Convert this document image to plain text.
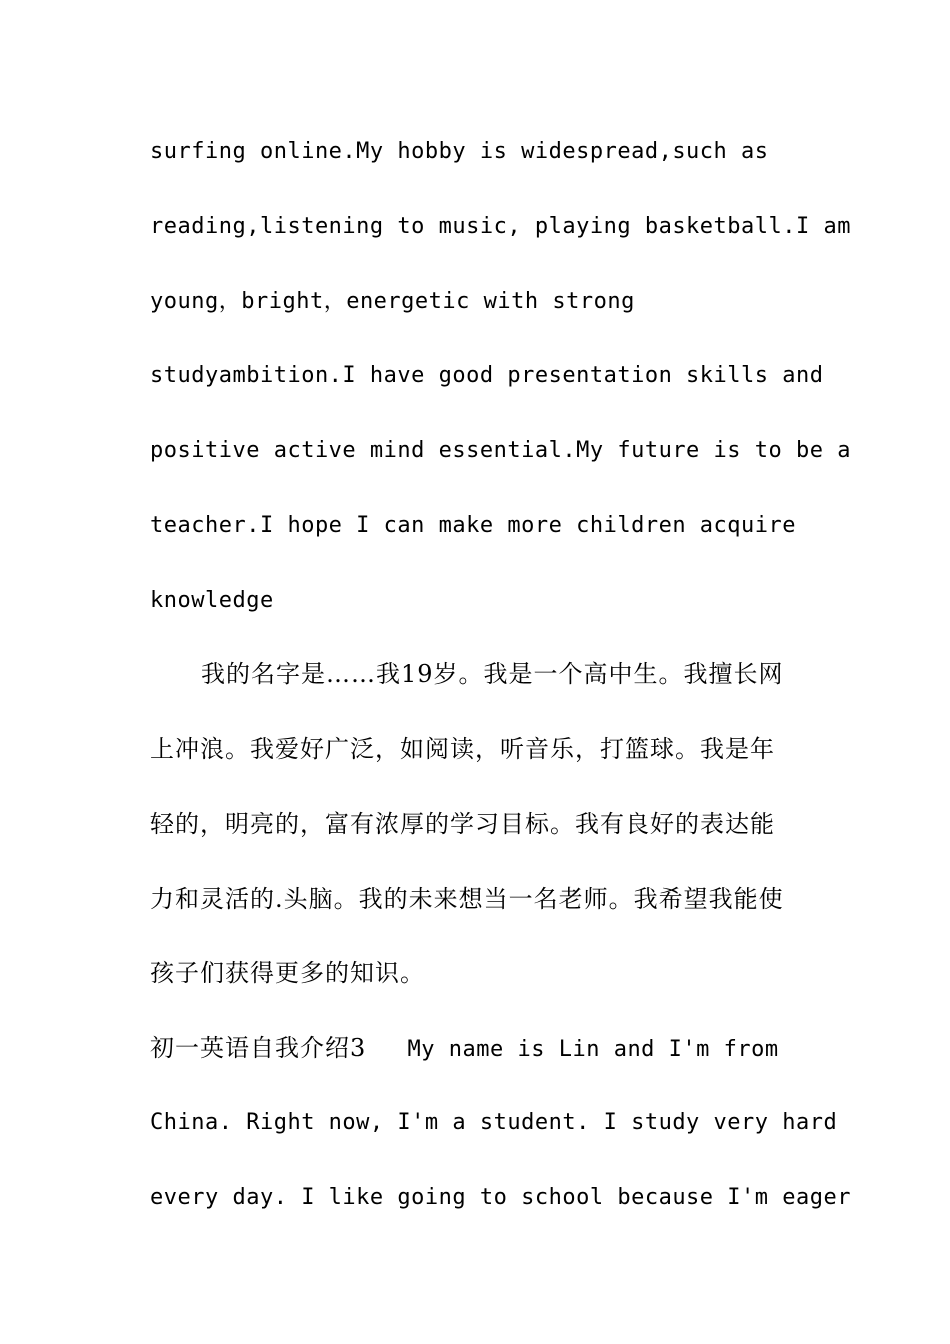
surfing online.My hobby is widespread,such as
reading,listening to music, playing basketball.I am
young，bright，energetic with strong
studyambition.I have good presentation skills and
positive active mind essential.My future is to be a
teacher.I hope I can make more children acquire
knowledge
我的名字是……我19岁。我是一个高中生。我擅长网
上冲浪。我爱好广泛，如阅读，听音乐，打篮球。我是年
轻的，明亮的，富有浓厚的学习目标。我有良好的表达能
力和灵活的.头脑。我的未来想当一名老师。我希望我能使
孩子们获得更多的知识。
初一英语自我介绍3   My name is Lin and I'm from
China. Right now, I'm a student. I study very hard
every day. I like going to school because I'm eager
